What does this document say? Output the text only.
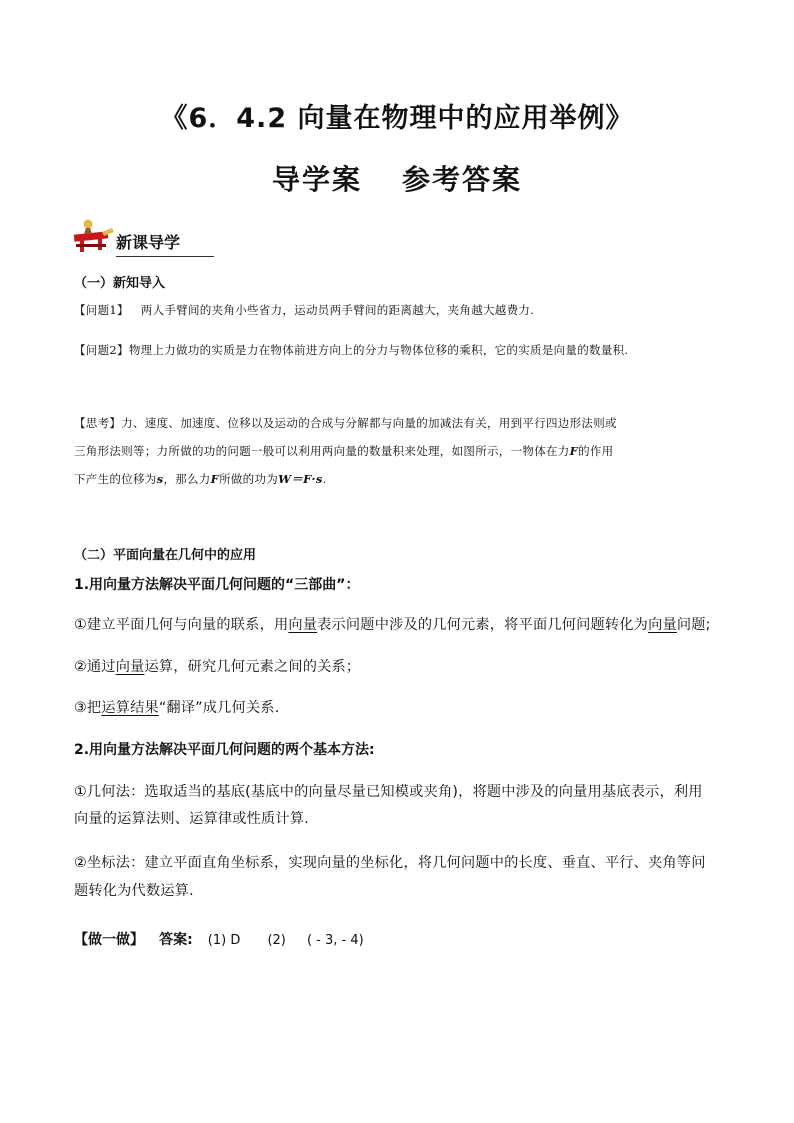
《6．4.2 向量在物理中的应用举例》
导学案 参考答案
新课导学
（一）新知导入
【问题1】 两人手臂间的夹角小些省力，运动员两手臂间的距离越大，夹角越大越费力.
【问题2】物理上力做功的实质是力在物体前进方向上的分力与物体位移的乘积，它的实质是向量的数量积.
【思考】力、速度、加速度、位移以及运动的合成与分解都与向量的加减法有关，用到平行四边形法则或
三角形法则等；力所做的功的问题一般可以利用两向量的数量积来处理，如图所示，一物体在力F的作用
下产生的位移为s，那么力F所做的功为W＝F·s.
（二）平面向量在几何中的应用
1.用向量方法解决平面几何问题的“三部曲”：
①建立平面几何与向量的联系，用向量表示问题中涉及的几何元素，将平面几何问题转化为向量问题;
②通过向量运算，研究几何元素之间的关系；
③把运算结果“翻译”成几何关系.
2.用向量方法解决平面几何问题的两个基本方法:
①几何法：选取适当的基底(基底中的向量尽量已知模或夹角)，将题中涉及的向量用基底表示，利用
向量的运算法则、运算律或性质计算.
②坐标法：建立平面直角坐标系，实现向量的坐标化，将几何问题中的长度、垂直、平行、夹角等问
题转化为代数运算.
【做一做】 答案: (1) D (2) ( - 3, - 4)
